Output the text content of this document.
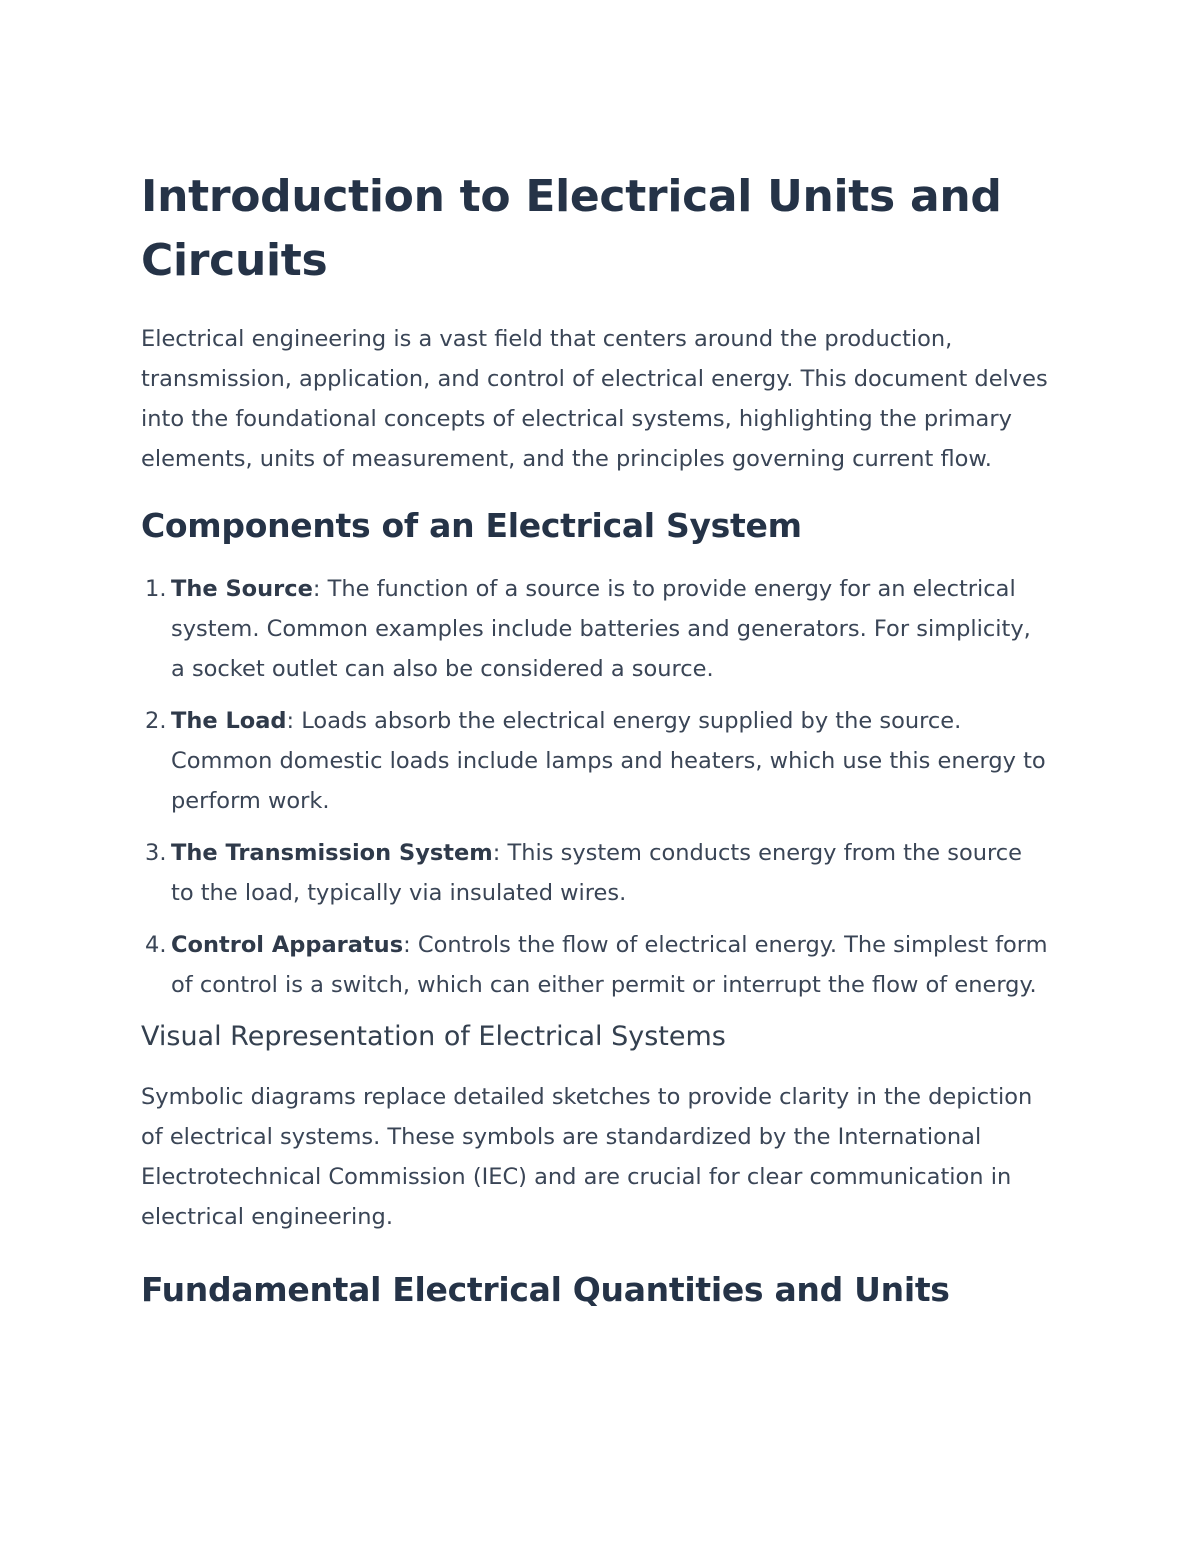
Introduction to Electrical Units and Circuits

Electrical engineering is a vast field that centers around the production, transmission, application, and control of electrical energy. This document delves into the foundational concepts of electrical systems, highlighting the primary elements, units of measurement, and the principles governing current flow.

Components of an Electrical System
1. The Source: The function of a source is to provide energy for an electrical system. Common examples include batteries and generators. For simplicity, a socket outlet can also be considered a source.
2. The Load: Loads absorb the electrical energy supplied by the source. Common domestic loads include lamps and heaters, which use this energy to perform work.
3. The Transmission System: This system conducts energy from the source to the load, typically via insulated wires.
4. Control Apparatus: Controls the flow of electrical energy. The simplest form of control is a switch, which can either permit or interrupt the flow of energy.
Visual Representation of Electrical Systems

Symbolic diagrams replace detailed sketches to provide clarity in the depiction of electrical systems. These symbols are standardized by the International Electrotechnical Commission (IEC) and are crucial for clear communication in electrical engineering.

Fundamental Electrical Quantities and Units
